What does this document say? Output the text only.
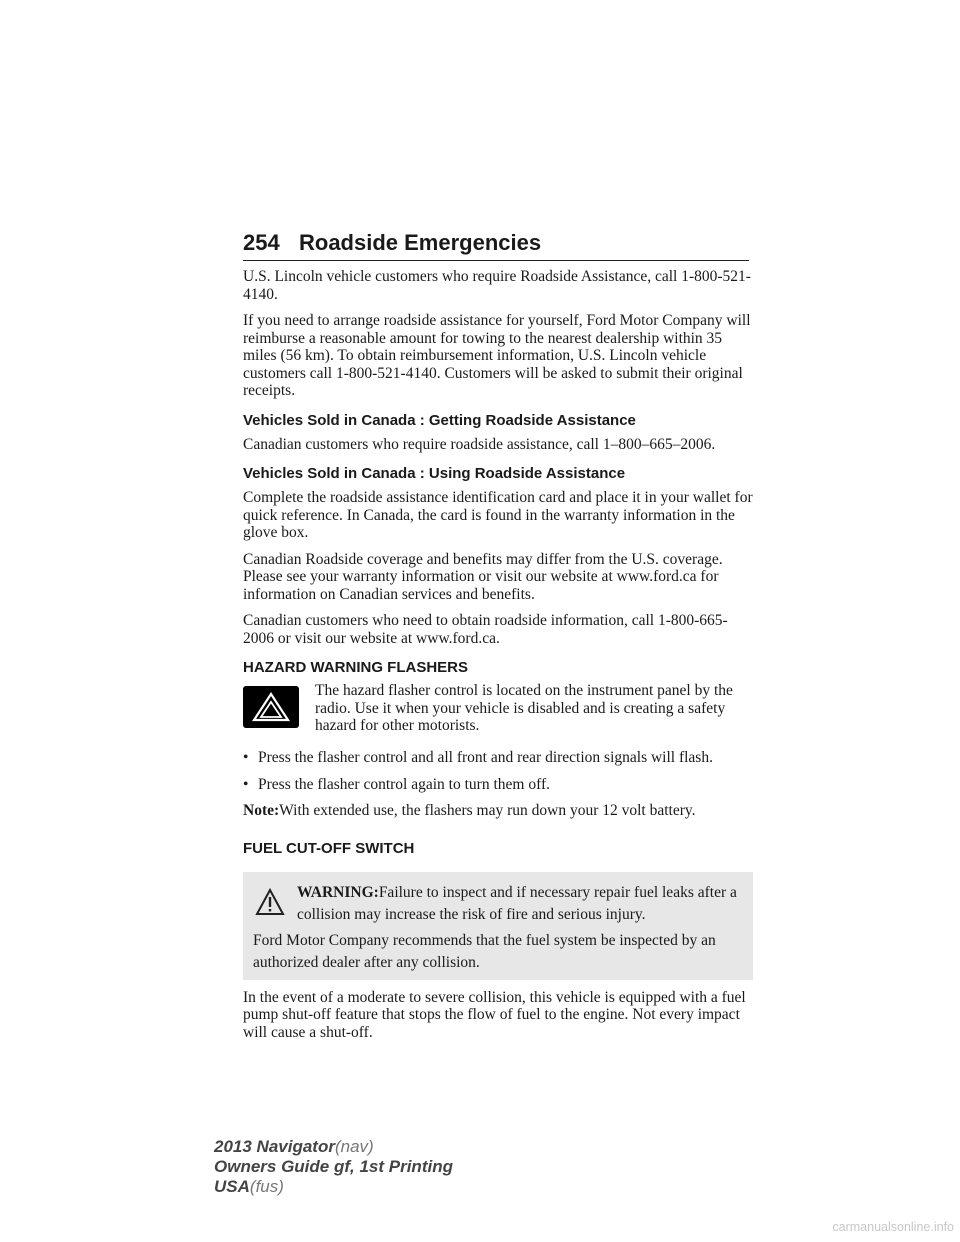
254 Roadside Emergencies

U.S. Lincoln vehicle customers who require Roadside Assistance, call 1-800-521-4140.

If you need to arrange roadside assistance for yourself, Ford Motor Company will reimburse a reasonable amount for towing to the nearest dealership within 35 miles (56 km). To obtain reimbursement information, U.S. Lincoln vehicle customers call 1-800-521-4140. Customers will be asked to submit their original receipts.

Vehicles Sold in Canada : Getting Roadside Assistance

Canadian customers who require roadside assistance, call 1–800–665–2006.

Vehicles Sold in Canada : Using Roadside Assistance

Complete the roadside assistance identification card and place it in your wallet for quick reference. In Canada, the card is found in the warranty information in the glove box.

Canadian Roadside coverage and benefits may differ from the U.S. coverage. Please see your warranty information or visit our website at www.ford.ca for information on Canadian services and benefits.

Canadian customers who need to obtain roadside information, call 1-800-665-2006 or visit our website at www.ford.ca.

HAZARD WARNING FLASHERS

The hazard flasher control is located on the instrument panel by the radio. Use it when your vehicle is disabled and is creating a safety hazard for other motorists.

• Press the flasher control and all front and rear direction signals will flash.

• Press the flasher control again to turn them off.

Note:With extended use, the flashers may run down your 12 volt battery.

FUEL CUT-OFF SWITCH

WARNING:Failure to inspect and if necessary repair fuel leaks after a collision may increase the risk of fire and serious injury.

Ford Motor Company recommends that the fuel system be inspected by an authorized dealer after any collision.

In the event of a moderate to severe collision, this vehicle is equipped with a fuel pump shut-off feature that stops the flow of fuel to the engine. Not every impact will cause a shut-off.

2013 Navigator(nav)
Owners Guide gf, 1st Printing
USA(fus)
carmanualsonline.info
